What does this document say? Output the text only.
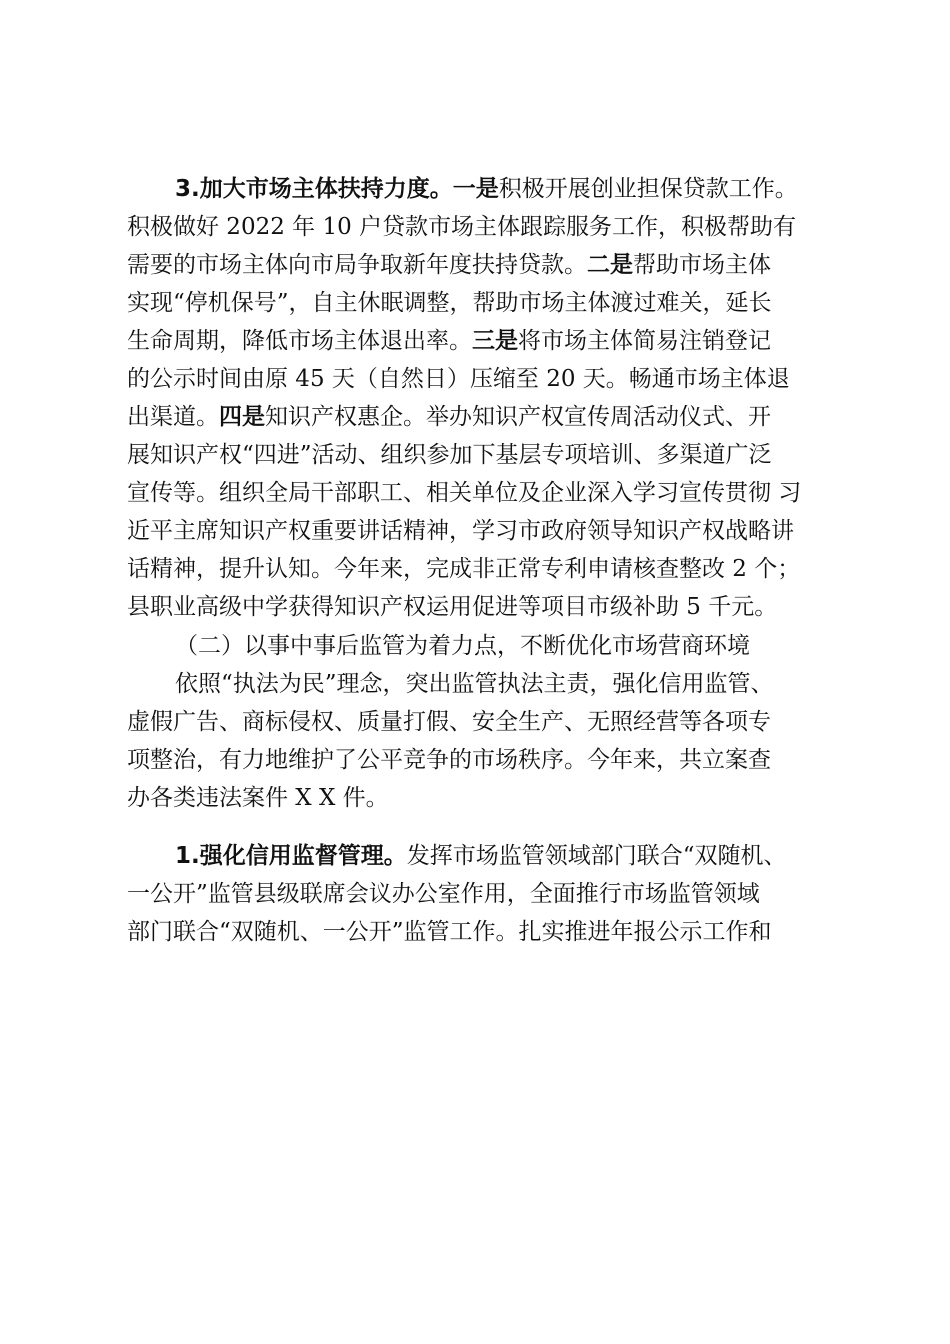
3.加大市场主体扶持力度。一是积极开展创业担保贷款工作。
积极做好 2022 年 10 户贷款市场主体跟踪服务工作，积极帮助有
需要的市场主体向市局争取新年度扶持贷款。二是帮助市场主体
实现“停机保号”，自主休眠调整，帮助市场主体渡过难关，延长
生命周期，降低市场主体退出率。三是将市场主体简易注销登记
的公示时间由原 45 天（自然日）压缩至 20 天。畅通市场主体退
出渠道。四是知识产权惠企。举办知识产权宣传周活动仪式、开
展知识产权“四进”活动、组织参加下基层专项培训、多渠道广泛
宣传等。组织全局干部职工、相关单位及企业深入学习宣传贯彻 习
近平主席知识产权重要讲话精神，学习市政府领导知识产权战略讲
话精神，提升认知。今年来，完成非正常专利申请核查整改 2 个；
县职业高级中学获得知识产权运用促进等项目市级补助 5 千元。
（二）以事中事后监管为着力点，不断优化市场营商环境
依照“执法为民”理念，突出监管执法主责，强化信用监管、
虚假广告、商标侵权、质量打假、安全生产、无照经营等各项专
项整治，有力地维护了公平竞争的市场秩序。今年来，共立案查
办各类违法案件 X X 件。
1.强化信用监督管理。发挥市场监管领域部门联合“双随机、
一公开”监管县级联席会议办公室作用，全面推行市场监管领域
部门联合“双随机、一公开”监管工作。扎实推进年报公示工作和
